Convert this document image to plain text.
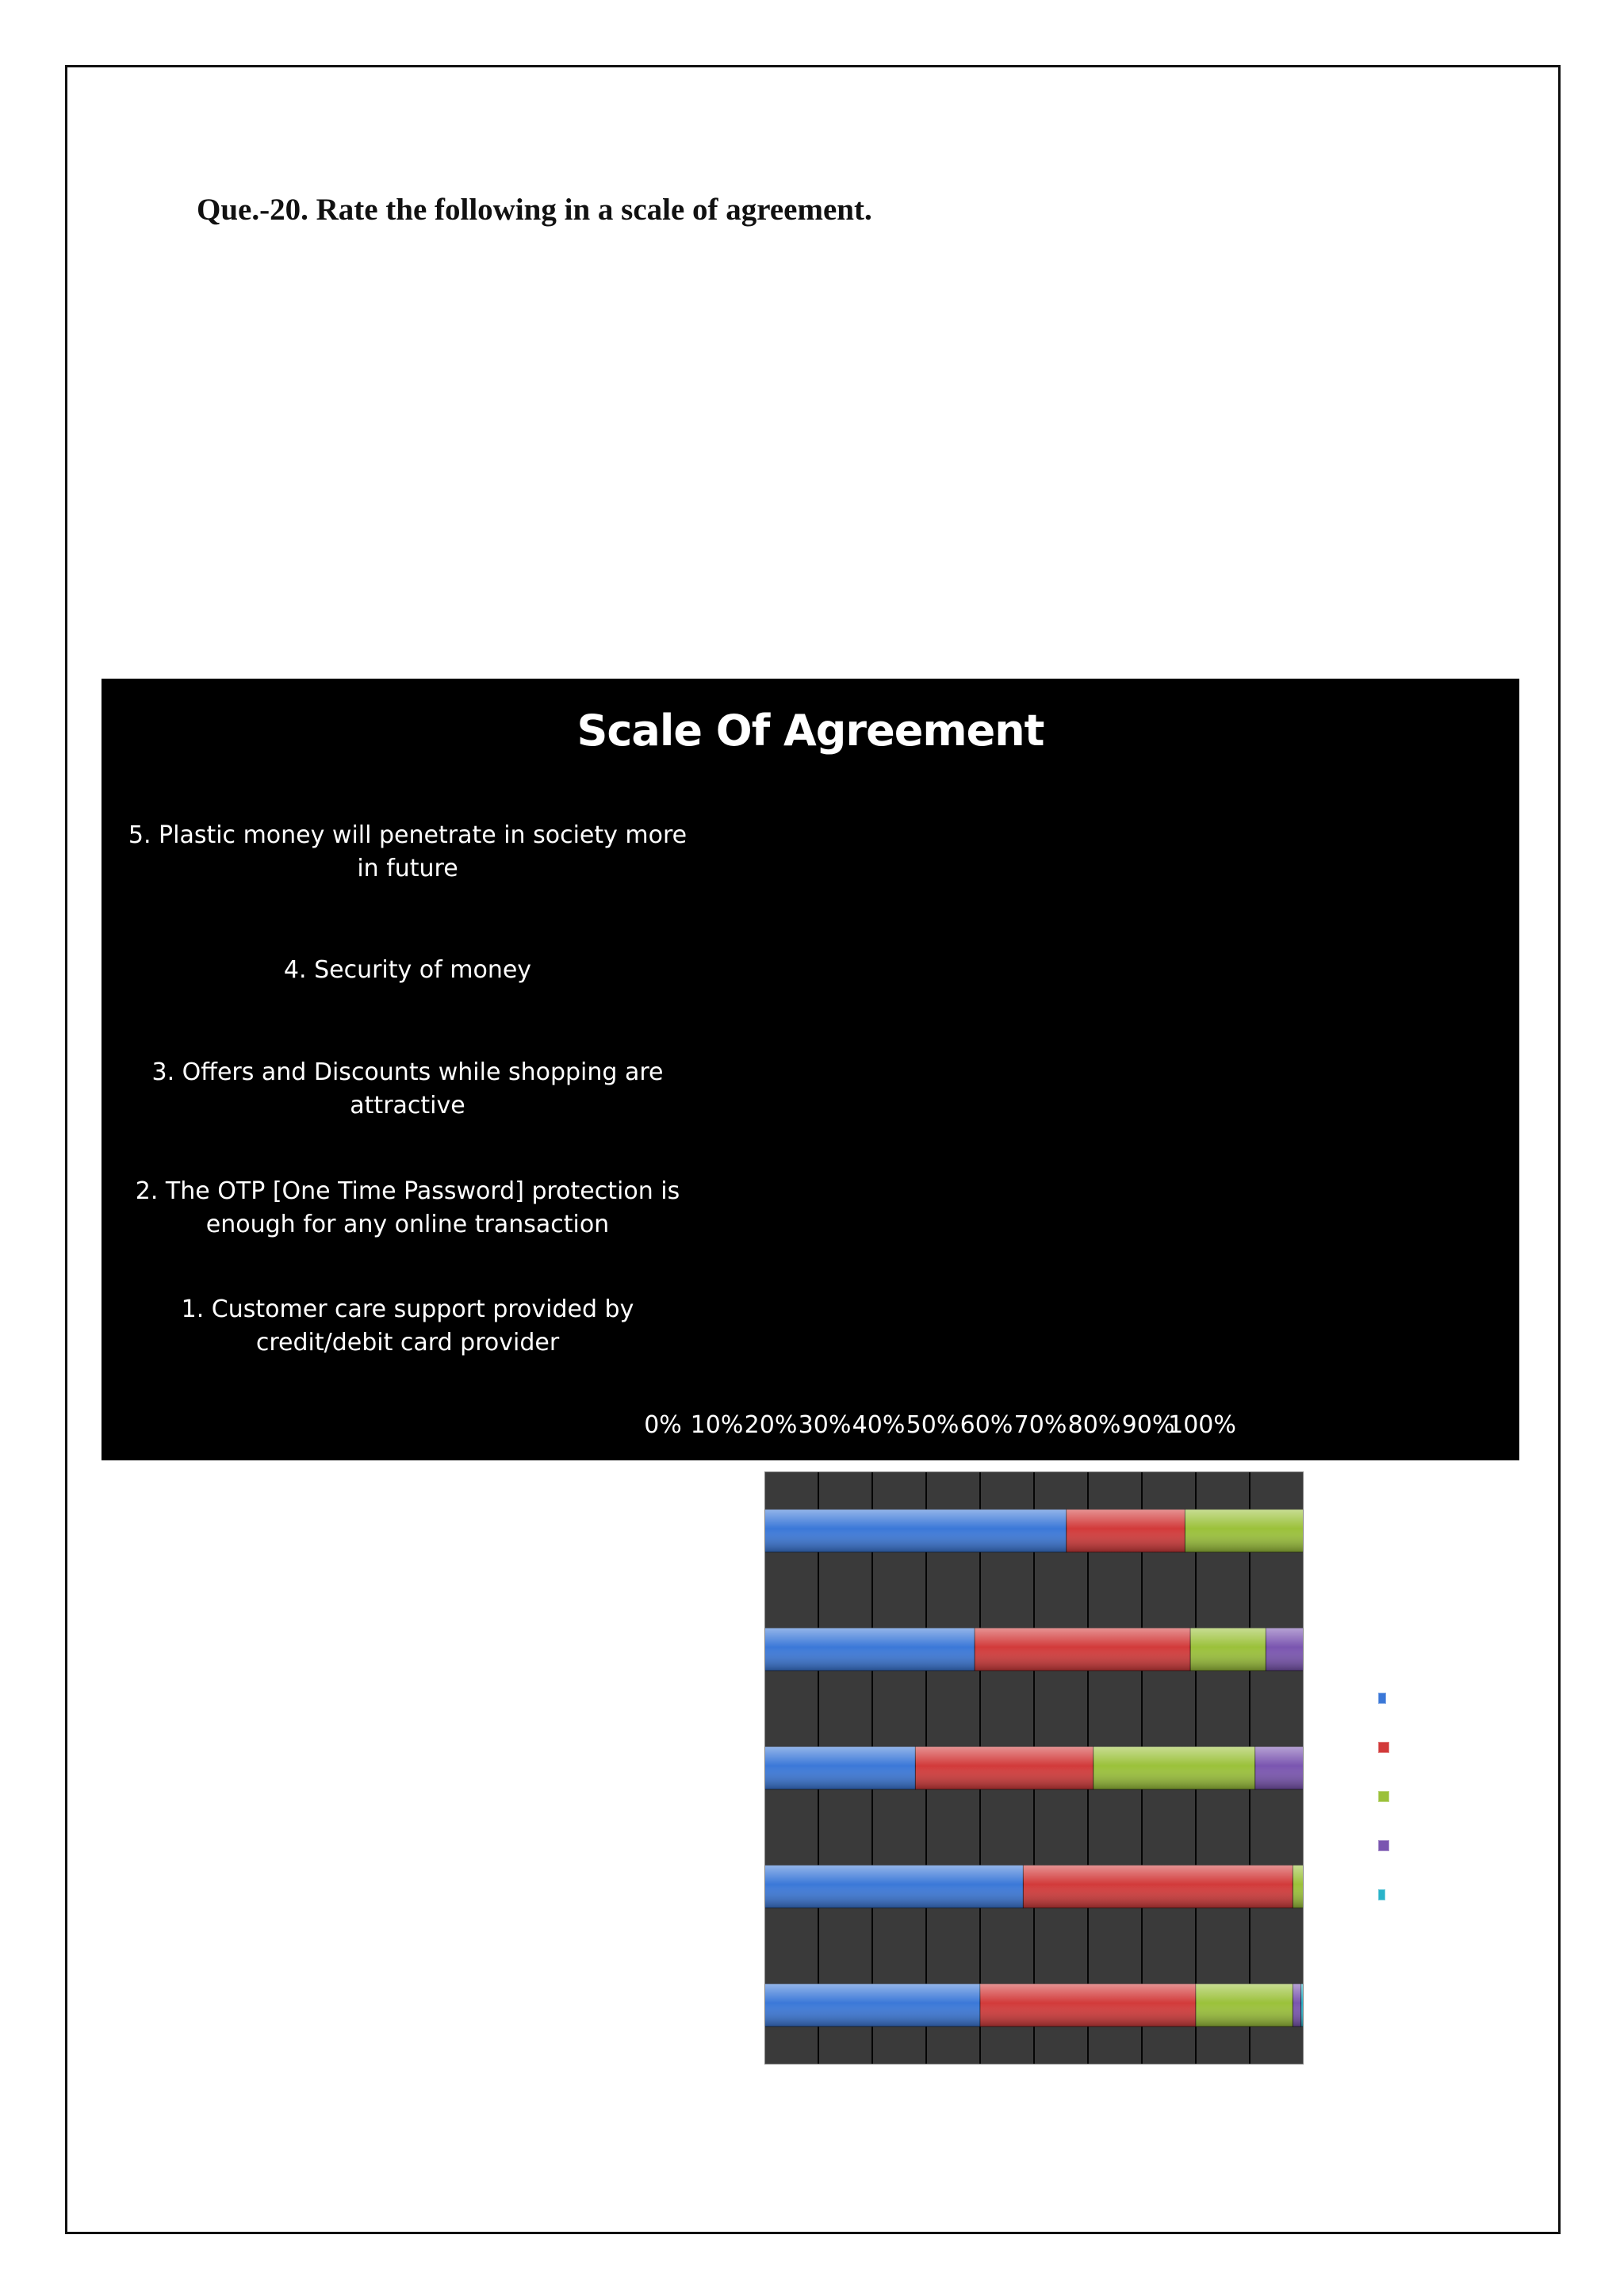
Que.-20. Rate the following in a scale of agreement.
Scale Of Agreement
1. Customer care support provided by
credit/debit card provider
2. The OTP [One Time Password] protection is
enough for any online transaction
3. Offers and Discounts while shopping are
attractive
4. Security of money
5. Plastic money will penetrate in society more
in future
0% 10% 20% 30% 40% 50% 60% 70% 80% 90%
100%
Strongly Agree
Agree
Neutral
Disagree
Strongly Disagree
